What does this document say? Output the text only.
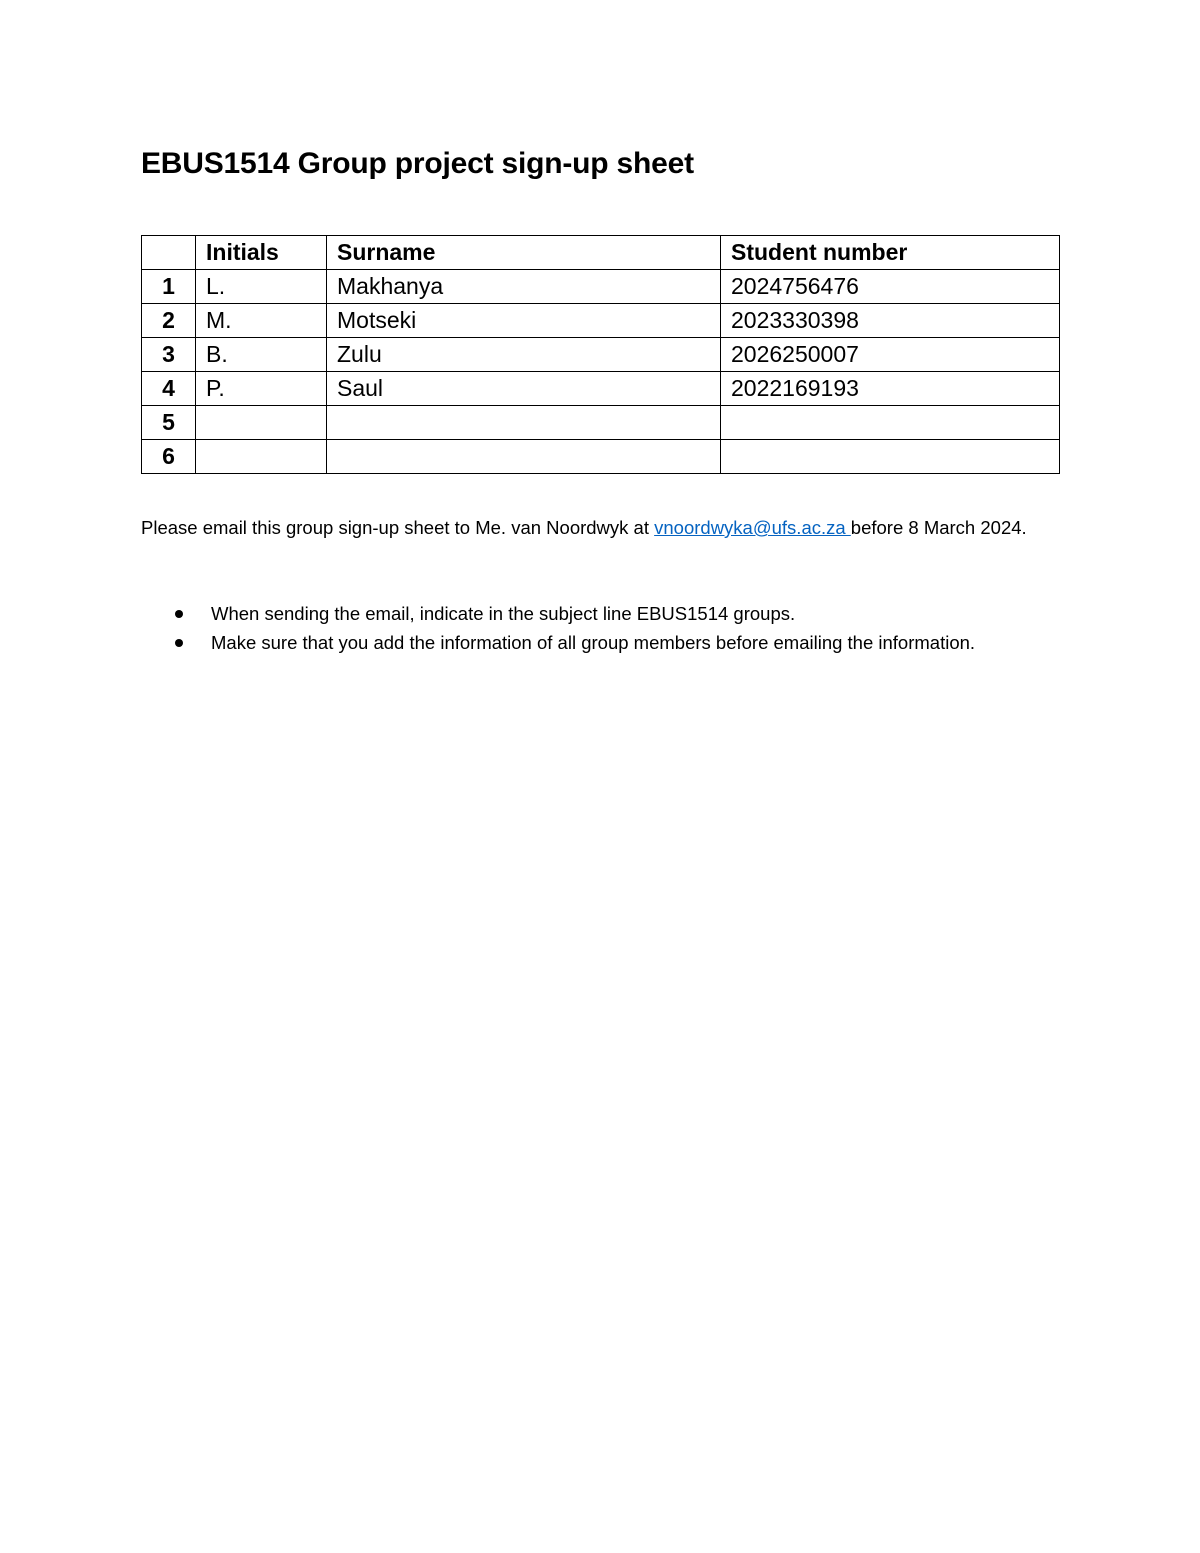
EBUS1514 Group project sign-up sheet
	Initials	Surname	Student number
1	L.	Makhanya	2024756476
2	M.	Motseki	2023330398
3	B.	Zulu	2026250007
4	P.	Saul	2022169193
5			
6			

Please email this group sign-up sheet to Me. van Noordwyk at vnoordwyka@ufs.ac.za before 8 March 2024.

When sending the email, indicate in the subject line EBUS1514 groups.
Make sure that you add the information of all group members before emailing the information.
